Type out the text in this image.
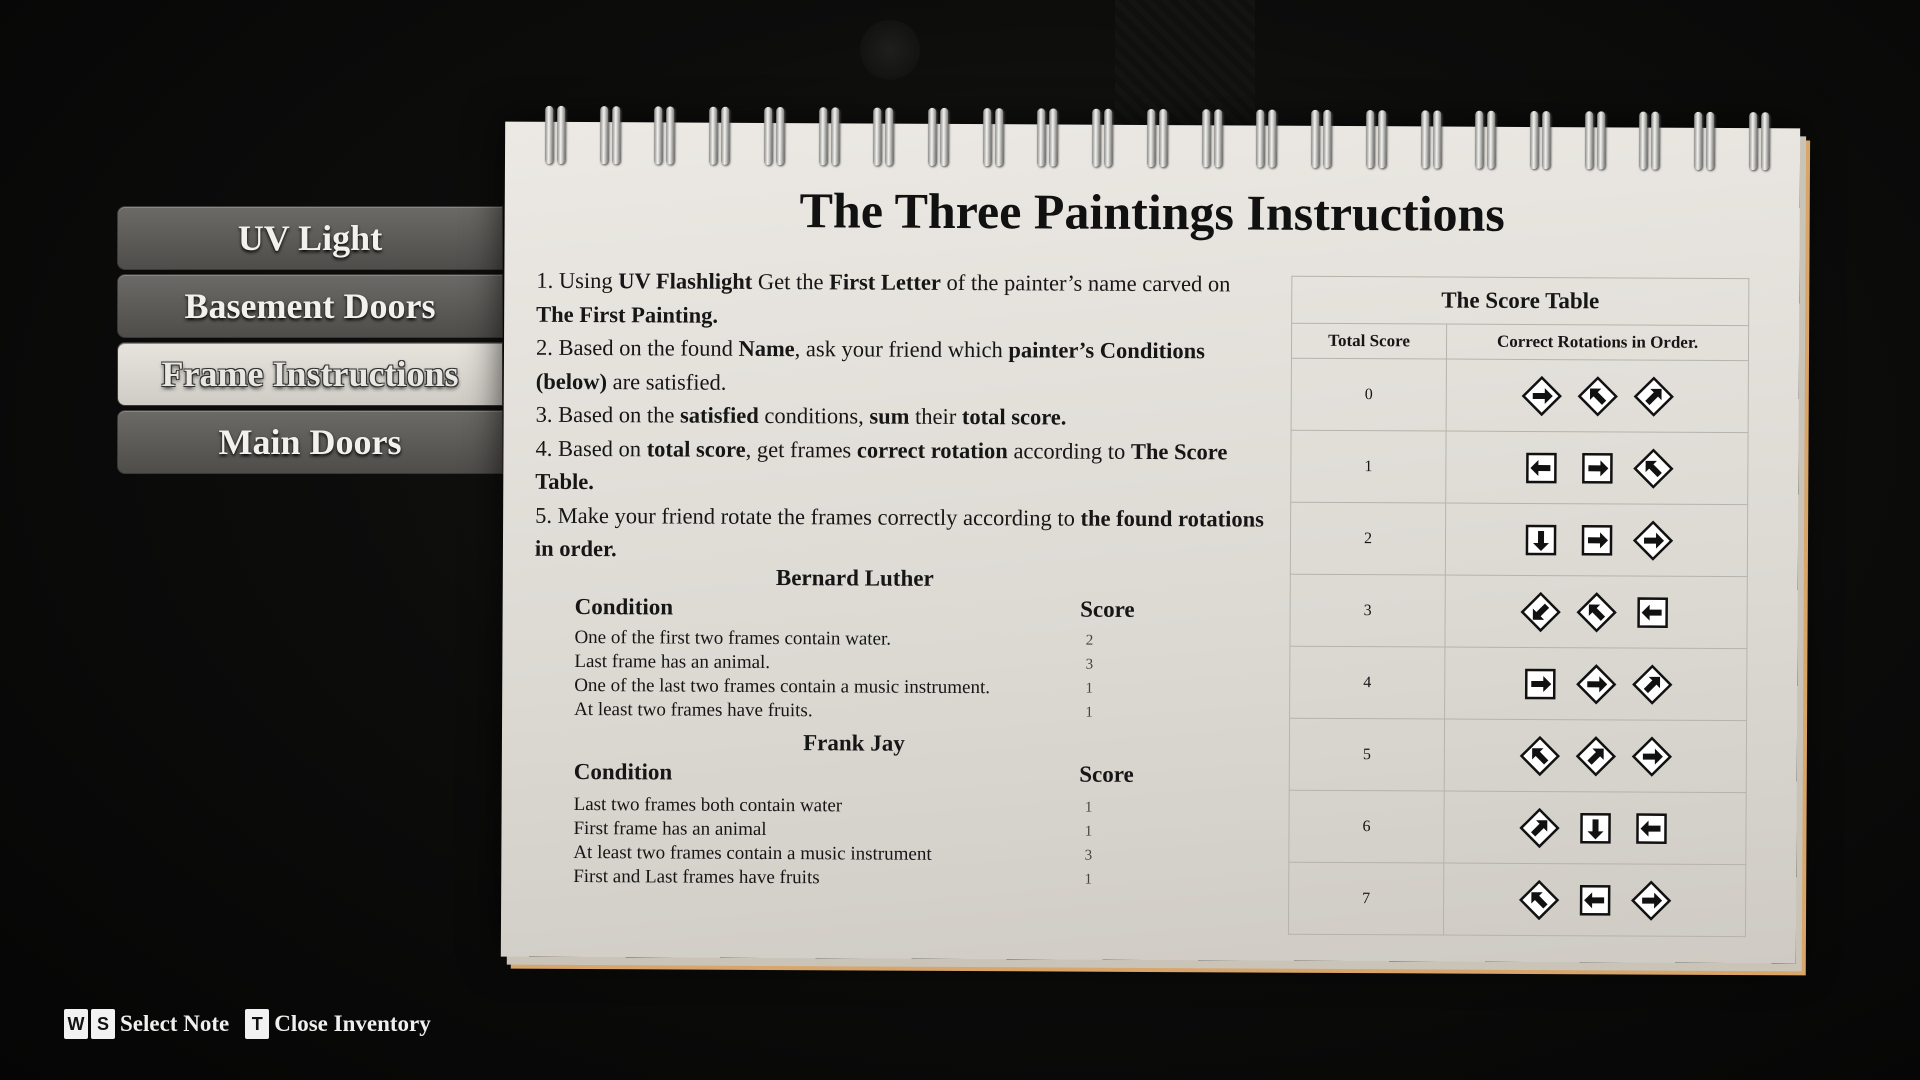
UV Light
Basement Doors
Frame Instructions
Main Doors
The Three Paintings Instructions

1. Using UV Flashlight Get the First Letter of the painter’s name carved on The First Painting.

2. Based on the found Name, ask your friend which painter’s Conditions (below) are satisfied.

3. Based on the satisfied conditions, sum their total score.

4. Based on total score, get frames correct rotation according to The Score Table.

5. Make your friend rotate the frames correctly according to the found rotations in order.

Bernard Luther
Condition	Score
One of the first two frames contain water.	2
Last frame has an animal.	3
One of the last two frames contain a music instrument.	1
At least two frames have fruits.	1
Frank Jay
Condition	Score
Last two frames both contain water	1
First frame has an animal	1
At least two frames contain a music instrument	3
First and Last frames have fruits	1
The Score Table	
Total Score	Correct Rotations in Order.
0	

1	

2	

3	

4	

5	

6	

7	
W S Select Note	T Close Inventory
